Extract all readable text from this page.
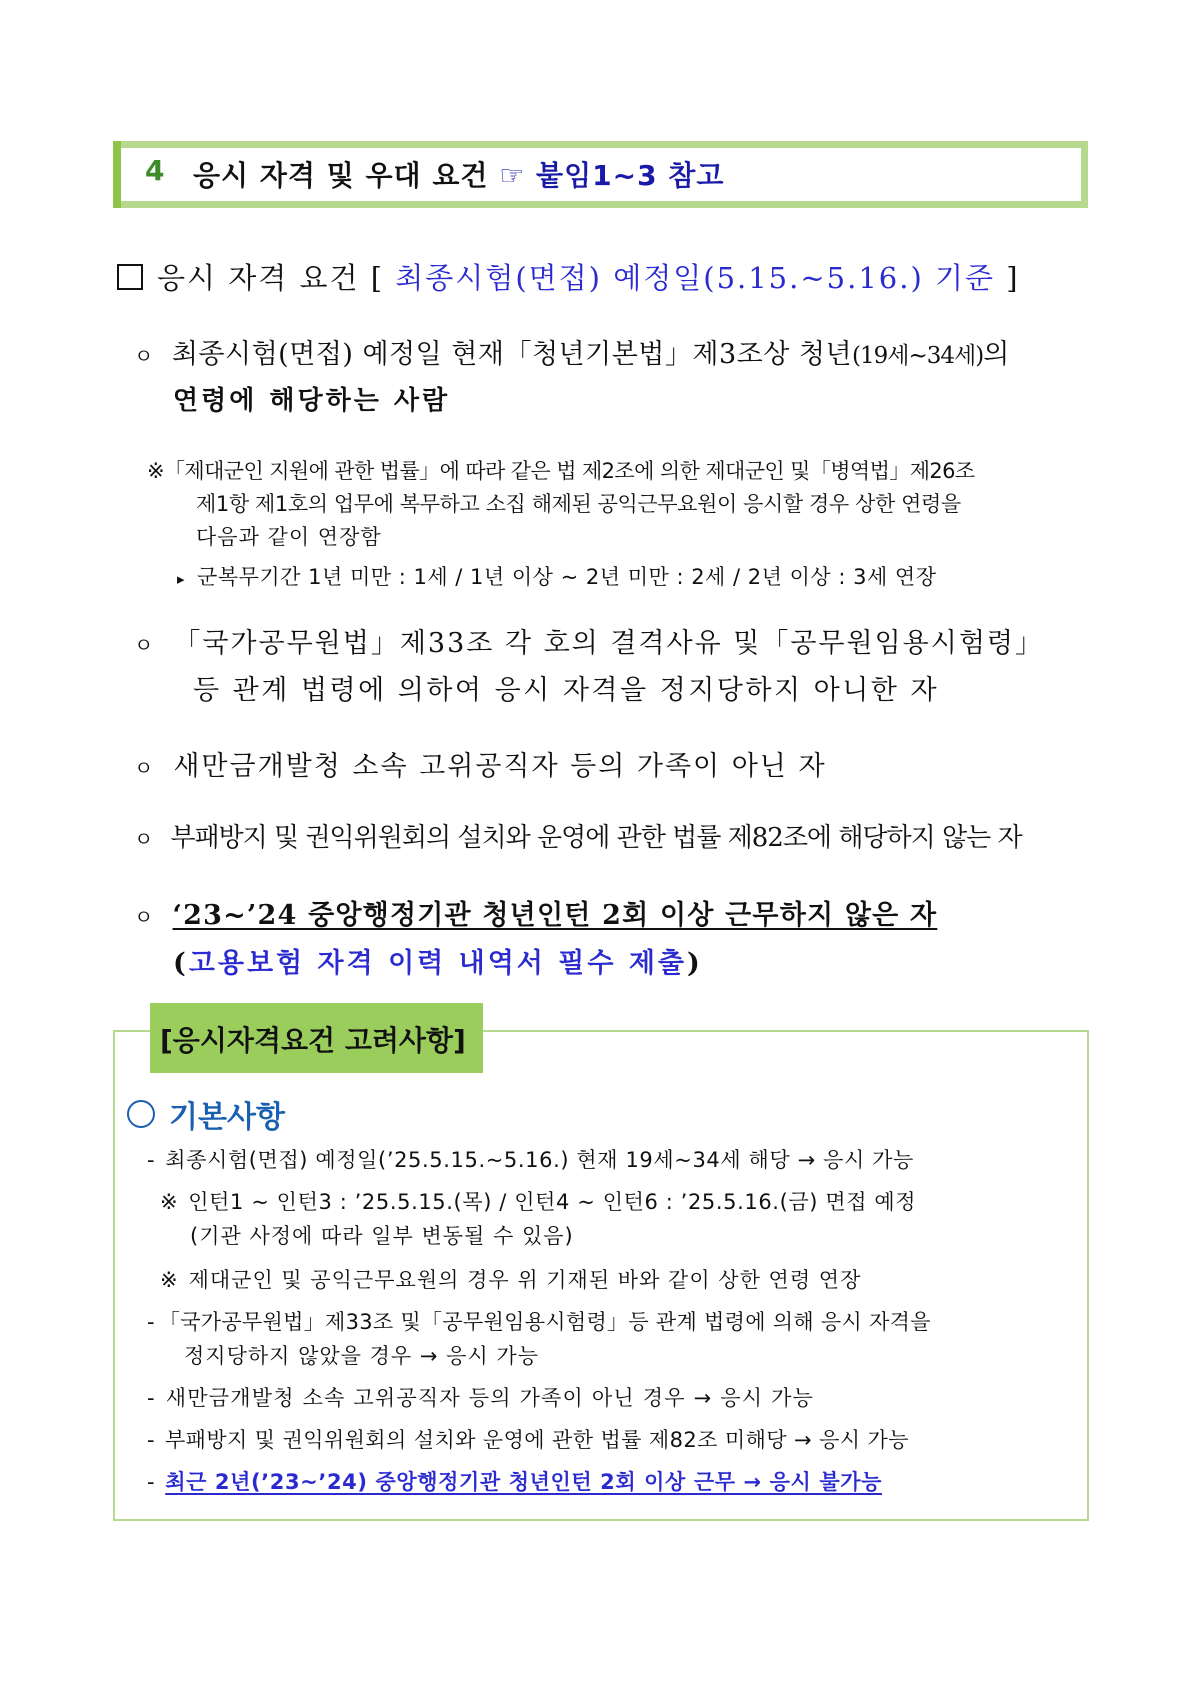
4 응시 자격 및 우대 요건 ☞ 붙임1~3 참고
응시 자격 요건 [ 최종시험(면접) 예정일(5.15.~5.16.) 기준 ]
ㅇ 최종시험(면접) 예정일 현재「청년기본법」제3조상 청년(19세~34세)의
연령에 해당하는 사람
※「제대군인 지원에 관한 법률」에 따라 같은 법 제2조에 의한 제대군인 및「병역법」제26조
제1항 제1호의 업무에 복무하고 소집 해제된 공익근무요원이 응시할 경우 상한 연령을
다음과 같이 연장함
▸ 군복무기간 1년 미만 : 1세 / 1년 이상 ~ 2년 미만 : 2세 / 2년 이상 : 3세 연장
ㅇ 「국가공무원법」제33조 각 호의 결격사유 및「공무원임용시험령」
등 관계 법령에 의하여 응시 자격을 정지당하지 아니한 자
ㅇ 새만금개발청 소속 고위공직자 등의 가족이 아닌 자
ㅇ 부패방지 및 권익위원회의 설치와 운영에 관한 법률 제82조에 해당하지 않는 자
ㅇ ‘23~’24 중앙행정기관 청년인턴 2회 이상 근무하지 않은 자
(고용보험 자격 이력 내역서 필수 제출)
[응시자격요건 고려사항]
기본사항
- 최종시험(면접) 예정일(’25.5.15.~5.16.) 현재 19세~34세 해당 → 응시 가능
※ 인턴1 ~ 인턴3 : ’25.5.15.(목) / 인턴4 ~ 인턴6 : ’25.5.16.(금) 면접 예정
(기관 사정에 따라 일부 변동될 수 있음)
※ 제대군인 및 공익근무요원의 경우 위 기재된 바와 같이 상한 연령 연장
- 「국가공무원법」제33조 및「공무원임용시험령」등 관계 법령에 의해 응시 자격을
정지당하지 않았을 경우 → 응시 가능
- 새만금개발청 소속 고위공직자 등의 가족이 아닌 경우 → 응시 가능
- 부패방지 및 권익위원회의 설치와 운영에 관한 법률 제82조 미해당 → 응시 가능
- 최근 2년(’23~’24) 중앙행정기관 청년인턴 2회 이상 근무 → 응시 불가능
